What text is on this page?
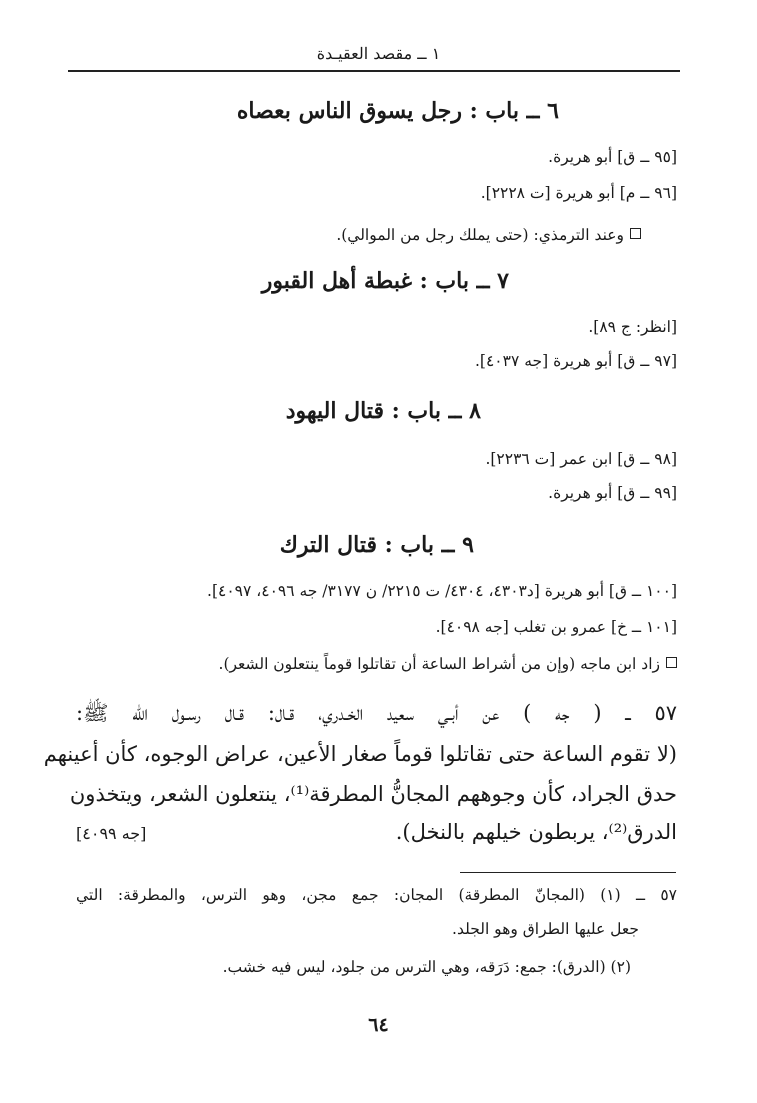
١ ــ مقصد العقيـدة
٦ ــ باب : رجل يسوق الناس بعصاه
[٩٥ ــ ق] أبو هريرة.
[٩٦ ــ م] أبو هريرة [ت ٢٢٢٨].
وعند الترمذي: (حتى يملك رجل من الموالي).
٧ ــ باب : غبطة أهل القبور
[انظر: ج ٨٩].
[٩٧ ــ ق] أبو هريرة [جه ٤٠٣٧].
٨ ــ باب : قتال اليهود
[٩٨ ــ ق] ابن عمر [ت ٢٢٣٦].
[٩٩ ــ ق] أبو هريرة.
٩ ــ باب : قتال الترك
[١٠٠ ــ ق] أبو هريرة [د٤٣٠٣، ٤٣٠٤/ ت ٢٢١٥/ ن ٣١٧٧/ جه ٤٠٩٦، ٤٠٩٧].
[١٠١ ــ خ] عمرو بن تغلب [جه ٤٠٩٨].
زاد ابن ماجه (وإن من أشراط الساعة أن تقاتلوا قوماً ينتعلون الشعر).
٥٧ ــ ( جه ) عن أبـي سعيد الخـدري، قـال: قـال رسـول الله ﷺ:
(لا تقوم الساعة حتى تقاتلوا قوماً صغار الأعين، عراض الوجوه، كأن أعينهم
حدق الجراد، كأن وجوههم المجانُّ المطرقة⁽¹⁾، ينتعلون الشعر، ويتخذون
الدرق⁽²⁾، يربطون خيلهم بالنخل).
[جه ٤٠٩٩]
٥٧ ــ (١) (المجانّ المطرقة) المجان: جمع مجن، وهو الترس، والمطرقة: التي
جعل عليها الطراق وهو الجلد.
(٢) (الدرق): جمع: دَرَقه، وهي الترس من جلود، ليس فيه خشب.
٦٤
